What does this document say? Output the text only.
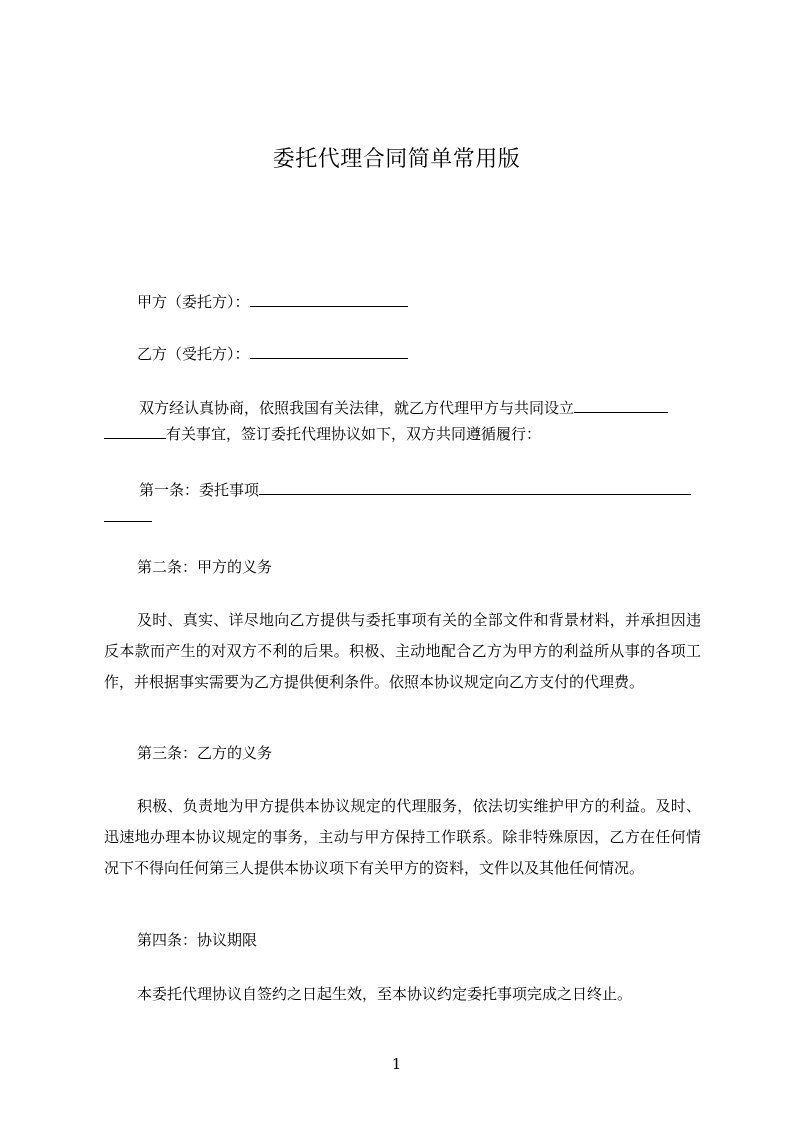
委托代理合同简单常用版
甲方（委托方）：
乙方（受托方）：
双方经认真协商，依照我国有关法律，就乙方代理甲方与共同设立
有关事宜，签订委托代理协议如下，双方共同遵循履行：
第一条：委托事项
第二条：甲方的义务
及时、真实、详尽地向乙方提供与委托事项有关的全部文件和背景材料，并承担因违反本款而产生的对双方不利的后果。积极、主动地配合乙方为甲方的利益所从事的各项工作，并根据事实需要为乙方提供便利条件。依照本协议规定向乙方支付的代理费。
第三条：乙方的义务
积极、负责地为甲方提供本协议规定的代理服务，依法切实维护甲方的利益。及时、迅速地办理本协议规定的事务，主动与甲方保持工作联系。除非特殊原因，乙方在任何情况下不得向任何第三人提供本协议项下有关甲方的资料，文件以及其他任何情况。
第四条：协议期限
本委托代理协议自签约之日起生效，至本协议约定委托事项完成之日终止。
1
